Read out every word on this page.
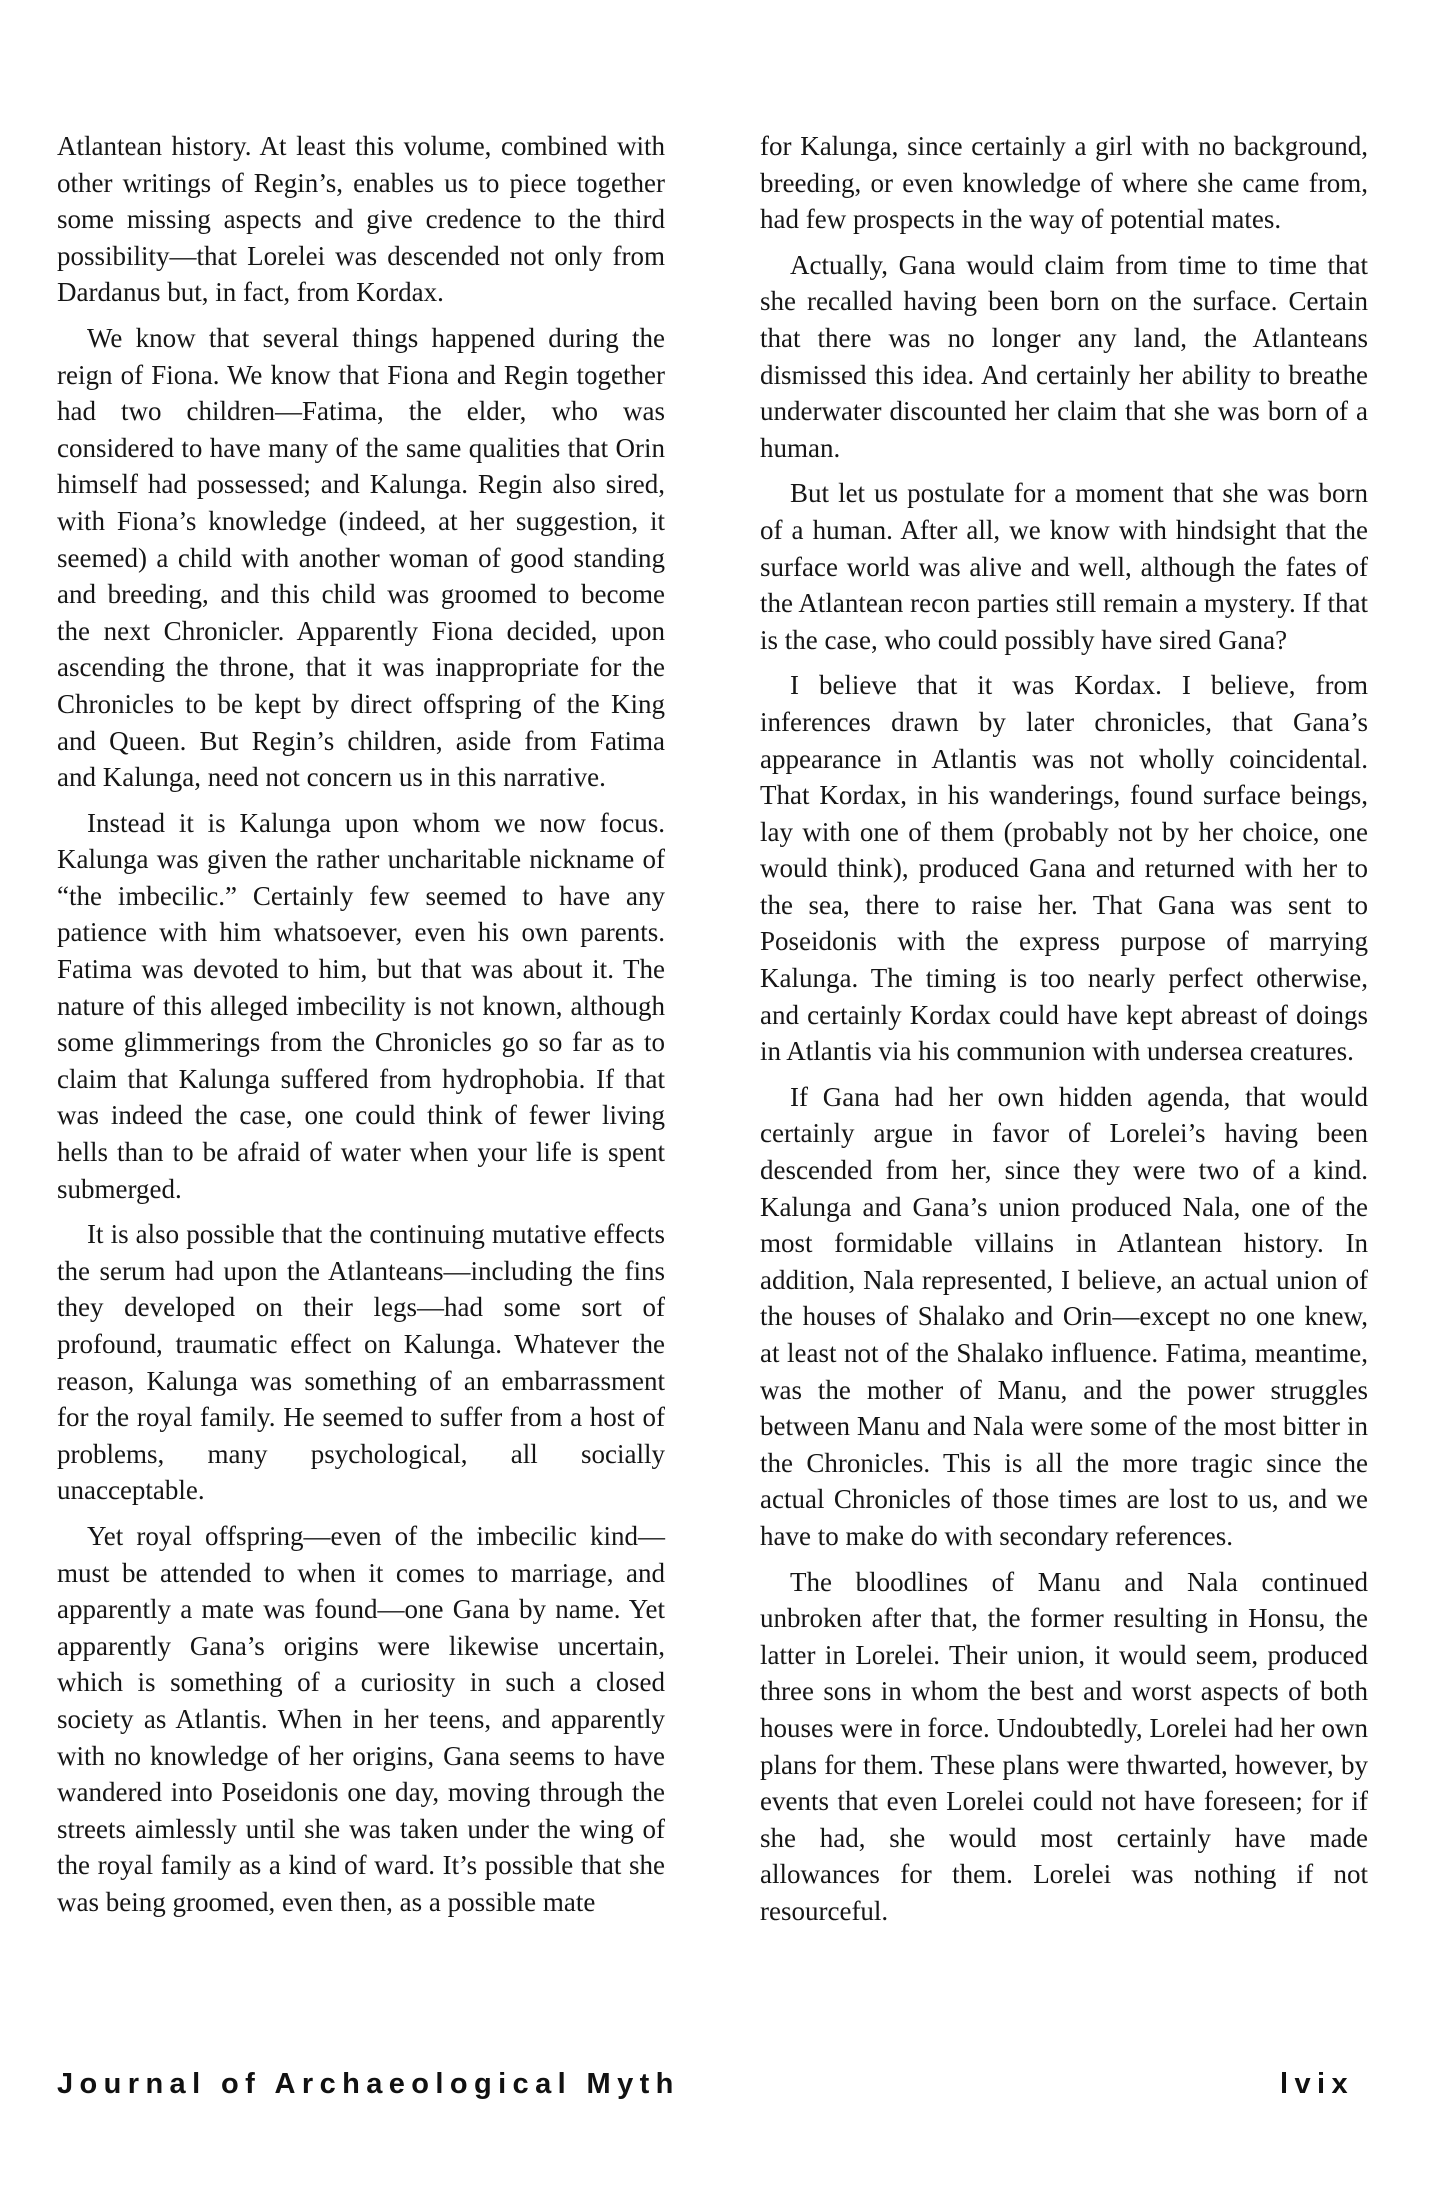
Atlantean history. At least this volume, combined with other writings of Regin’s, enables us to piece together some missing aspects and give credence to the third possibility—that Lorelei was descended not only from Dardanus but, in fact, from Kordax.

We know that several things happened during the reign of Fiona. We know that Fiona and Regin together had two children—Fatima, the elder, who was considered to have many of the same qualities that Orin himself had possessed; and Kalunga. Regin also sired, with Fiona’s knowledge (indeed, at her suggestion, it seemed) a child with another woman of good standing and breeding, and this child was groomed to become the next Chronicler. Apparently Fiona decided, upon ascending the throne, that it was inappropriate for the Chronicles to be kept by direct offspring of the King and Queen. But Regin’s children, aside from Fatima and Kalunga, need not concern us in this narrative.

Instead it is Kalunga upon whom we now focus. Kalunga was given the rather uncharitable nickname of “the imbecilic.” Certainly few seemed to have any patience with him whatsoever, even his own parents. Fatima was devoted to him, but that was about it. The nature of this alleged imbecility is not known, although some glimmerings from the Chronicles go so far as to claim that Kalunga suffered from hydrophobia. If that was indeed the case, one could think of fewer living hells than to be afraid of water when your life is spent submerged.

It is also possible that the continuing mutative effects the serum had upon the Atlanteans—including the fins they developed on their legs—had some sort of profound, traumatic effect on Kalunga. Whatever the reason, Kalunga was something of an embarrassment for the royal family. He seemed to suffer from a host of problems, many psychological, all socially unacceptable.

Yet royal offspring—even of the imbecilic kind—must be attended to when it comes to marriage, and apparently a mate was found—one Gana by name. Yet apparently Gana’s origins were likewise uncertain, which is something of a curiosity in such a closed society as Atlantis. When in her teens, and apparently with no knowledge of her origins, Gana seems to have wandered into Poseidonis one day, moving through the streets aimlessly until she was taken under the wing of the royal family as a kind of ward. It’s possible that she was being groomed, even then, as a possible mate

for Kalunga, since certainly a girl with no background, breeding, or even knowledge of where she came from, had few prospects in the way of potential mates.

Actually, Gana would claim from time to time that she recalled having been born on the surface. Certain that there was no longer any land, the Atlanteans dismissed this idea. And certainly her ability to breathe underwater discounted her claim that she was born of a human.

But let us postulate for a moment that she was born of a human. After all, we know with hindsight that the surface world was alive and well, although the fates of the Atlantean recon parties still remain a mystery. If that is the case, who could possibly have sired Gana?

I believe that it was Kordax. I believe, from inferences drawn by later chronicles, that Gana’s appearance in Atlantis was not wholly coincidental. That Kordax, in his wanderings, found surface beings, lay with one of them (probably not by her choice, one would think), produced Gana and returned with her to the sea, there to raise her. That Gana was sent to Poseidonis with the express purpose of marrying Kalunga. The timing is too nearly perfect otherwise, and certainly Kordax could have kept abreast of doings in Atlantis via his communion with undersea creatures.

If Gana had her own hidden agenda, that would certainly argue in favor of Lorelei’s having been descended from her, since they were two of a kind. Kalunga and Gana’s union produced Nala, one of the most formidable villains in Atlantean history. In addition, Nala represented, I believe, an actual union of the houses of Shalako and Orin—except no one knew, at least not of the Shalako influence. Fatima, meantime, was the mother of Manu, and the power struggles between Manu and Nala were some of the most bitter in the Chronicles. This is all the more tragic since the actual Chronicles of those times are lost to us, and we have to make do with secondary references.

The bloodlines of Manu and Nala continued unbroken after that, the former resulting in Honsu, the latter in Lorelei. Their union, it would seem, produced three sons in whom the best and worst aspects of both houses were in force. Undoubtedly, Lorelei had her own plans for them. These plans were thwarted, however, by events that even Lorelei could not have foreseen; for if she had, she would most certainly have made allowances for them. Lorelei was nothing if not resourceful.

Journal of Archaeological Myth	lvix
